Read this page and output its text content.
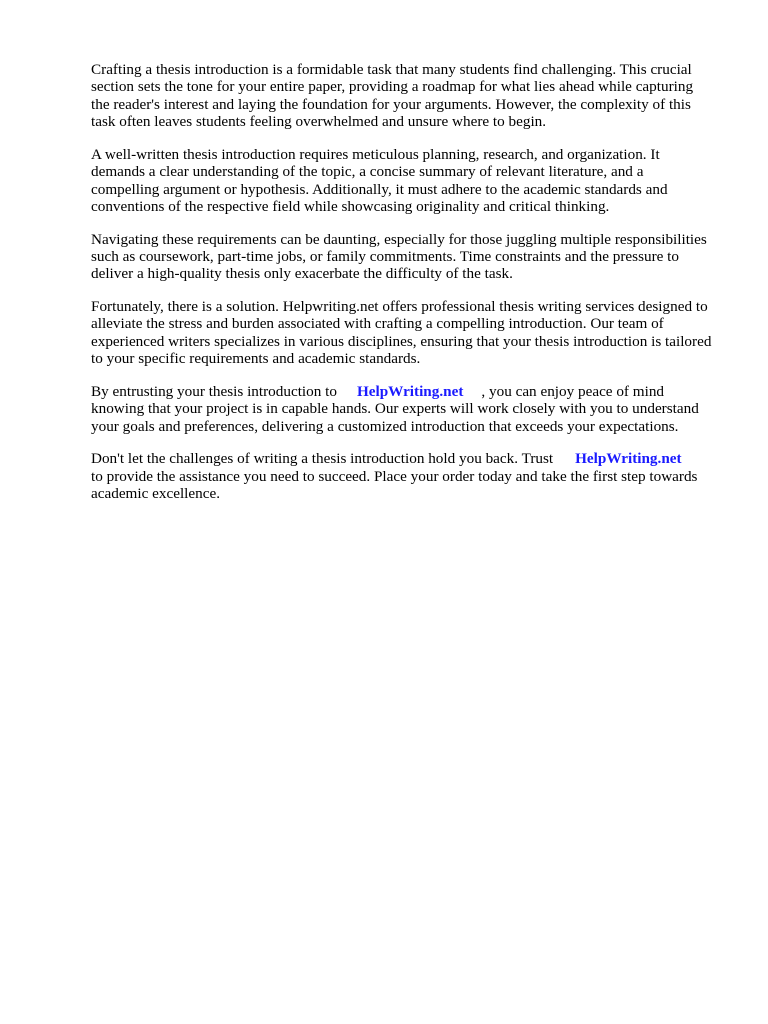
Crafting a thesis introduction is a formidable task that many students find challenging. This crucial
section sets the tone for your entire paper, providing a roadmap for what lies ahead while capturing
the reader's interest and laying the foundation for your arguments. However, the complexity of this
task often leaves students feeling overwhelmed and unsure where to begin.

A well-written thesis introduction requires meticulous planning, research, and organization. It
demands a clear understanding of the topic, a concise summary of relevant literature, and a
compelling argument or hypothesis. Additionally, it must adhere to the academic standards and
conventions of the respective field while showcasing originality and critical thinking.

Navigating these requirements can be daunting, especially for those juggling multiple responsibilities
such as coursework, part-time jobs, or family commitments. Time constraints and the pressure to
deliver a high-quality thesis only exacerbate the difficulty of the task.

Fortunately, there is a solution. Helpwriting.net offers professional thesis writing services designed to
alleviate the stress and burden associated with crafting a compelling introduction. Our team of
experienced writers specializes in various disciplines, ensuring that your thesis introduction is tailored
to your specific requirements and academic standards.

By entrusting your thesis introduction to HelpWriting.net , you can enjoy peace of mind
knowing that your project is in capable hands. Our experts will work closely with you to understand
your goals and preferences, delivering a customized introduction that exceeds your expectations.

Don't let the challenges of writing a thesis introduction hold you back. Trust HelpWriting.net
to provide the assistance you need to succeed. Place your order today and take the first step towards
academic excellence.
